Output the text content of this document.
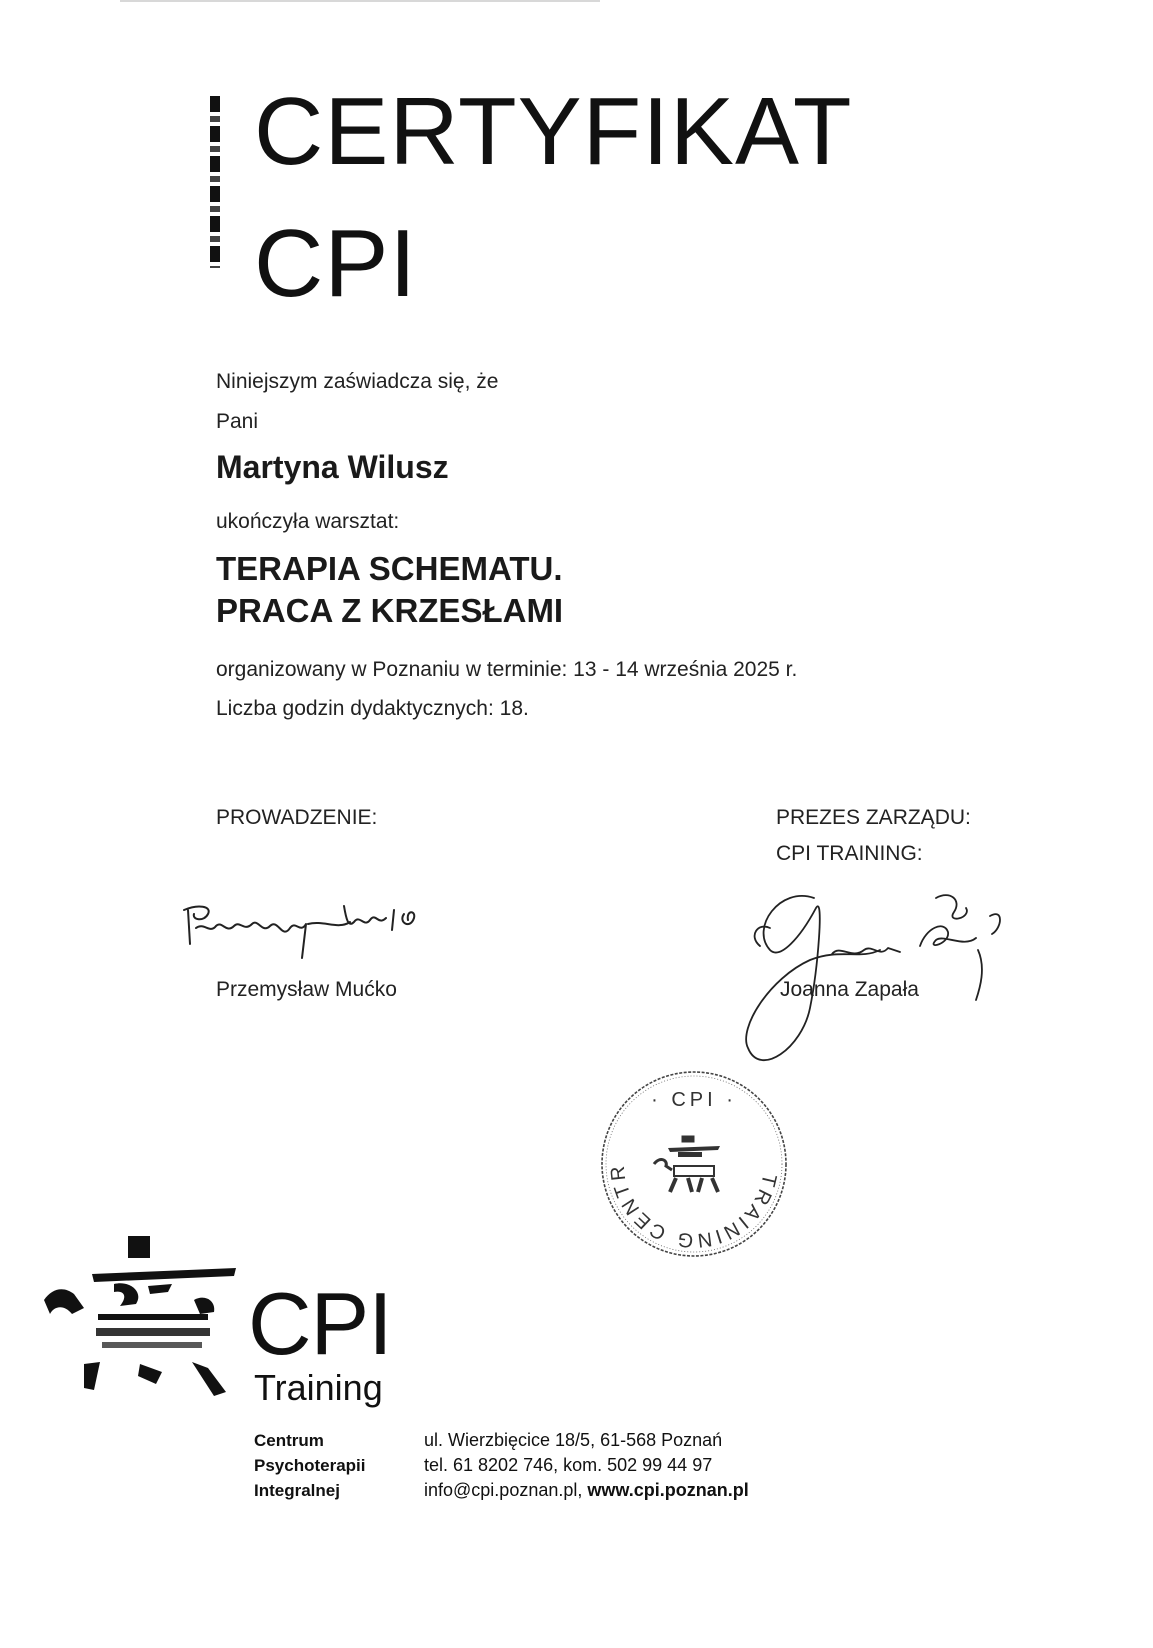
CERTYFIKAT
CPI
Niniejszym zaświadcza się, że
Pani
Martyna Wilusz
ukończyła warsztat:
TERAPIA SCHEMATU.
PRACA Z KRZESŁAMI
organizowany w Poznaniu w terminie: 13 - 14 września 2025 r.
Liczba godzin dydaktycznych: 18.
PROWADZENIE:
Przemysław Mućko
PREZES ZARZĄDU:
CPI TRAINING:
Joanna Zapała
· CPI ·
TRAINING CENTRE
CPI
Training
Centrum
Psychoterapii
Integralnej
ul. Wierzbięcice 18/5, 61-568 Poznań
tel. 61 8202 746, kom. 502 99 44 97
info@cpi.poznan.pl, www.cpi.poznan.pl
